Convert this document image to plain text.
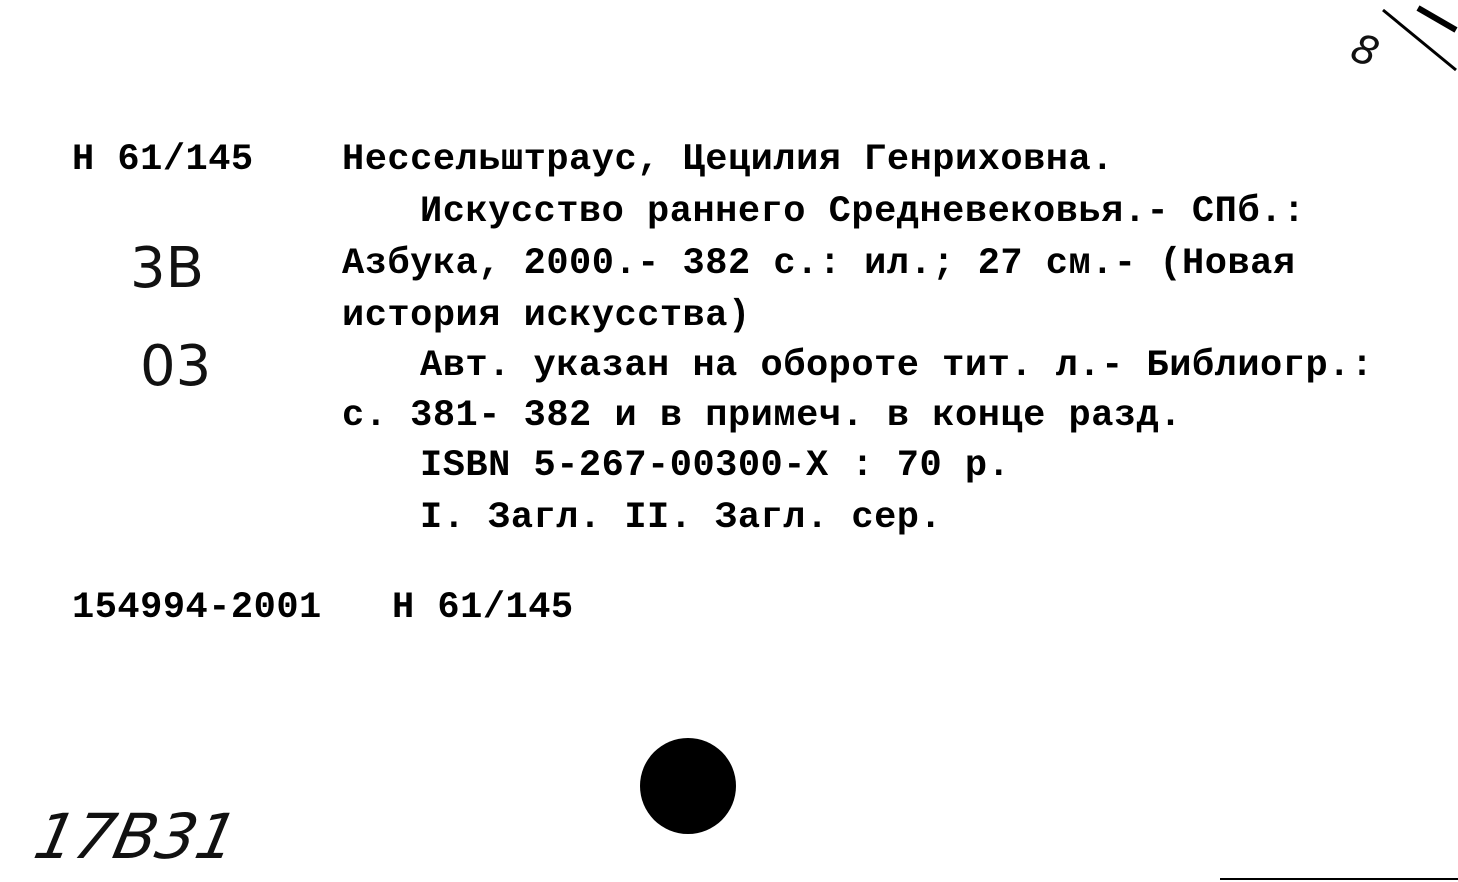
8
Н 61/145 Нессельштраус, Цецилия Генриховна.
3В
03
Искусство раннего Средневековья.- СПб.:
Азбука, 2000.- 382 с.: ил.; 27 см.- (Новая
история искусства)
Авт. указан на обороте тит. л.- Библиогр.:
с. 381- 382 и в примеч. в конце разд.
ISBN 5-267-00300-X : 70 р.
I. Загл. II. Загл. сер.
154994-2001 Н 61/145
17В31
